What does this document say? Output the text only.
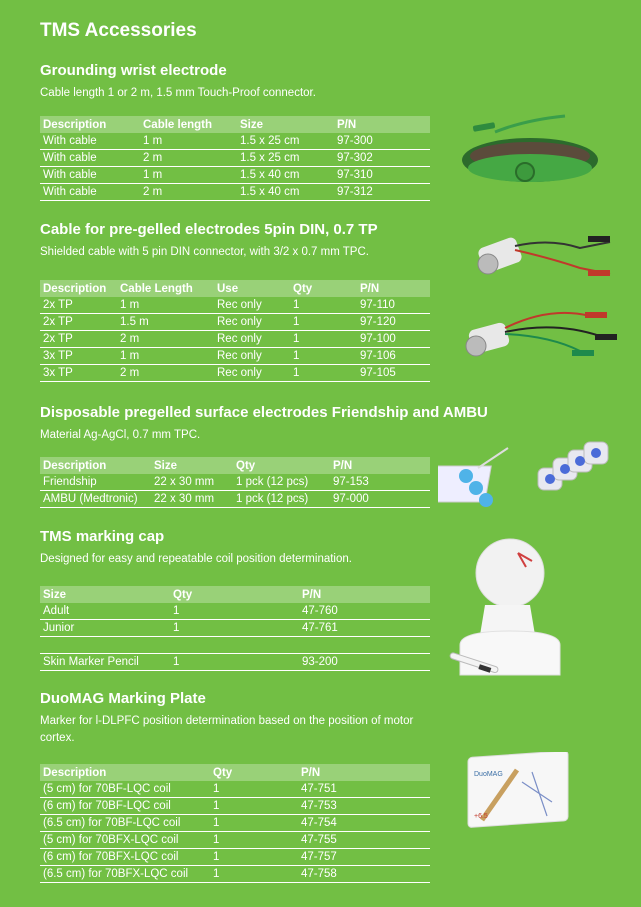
TMS Accessories
Grounding wrist electrode

Cable length 1 or 2 m, 1.5 mm Touch-Proof connector.

Description	Cable length	Size	P/N
With cable	1 m	1.5 x 25 cm	97-300
With cable	2 m	1.5 x 25 cm	97-302
With cable	1 m	1.5 x 40 cm	97-310
With cable	2 m	1.5 x 40 cm	97-312
Cable for pre-gelled electrodes 5pin DIN, 0.7 TP

Shielded cable with 5 pin DIN connector, with 3/2 x 0.7 mm TPC.

Description	Cable Length	Use	Qty	P/N
2x TP	1 m	Rec only	1	97-110
2x TP	1.5 m	Rec only	1	97-120
2x TP	2 m	Rec only	1	97-100
3x TP	1 m	Rec only	1	97-106
3x TP	2 m	Rec only	1	97-105
Disposable pregelled surface electrodes Friendship and AMBU

Material Ag-AgCl, 0.7 mm TPC.

Description	Size	Qty	P/N
Friendship	22 x 30 mm	1 pck (12 pcs)	97-153
AMBU (Medtronic)	22 x 30 mm	1 pck (12 pcs)	97-000
TMS marking cap

Designed for easy and repeatable coil position determination.

Size	Qty	P/N
Adult	1	47-760
Junior	1	47-761

Skin Marker Pencil	1	93-200
DuoMAG Marking Plate

Marker for l-DLPFC position determination based on the position of motor cortex.

Description	Qty	P/N
(5 cm) for 70BF-LQC coil	1	47-751
(6 cm) for 70BF-LQC coil	1	47-753
(6.5 cm) for 70BF-LQC coil	1	47-754
(5 cm) for 70BFX-LQC coil	1	47-755
(6 cm) for 70BFX-LQC coil	1	47-757
(6.5 cm) for 70BFX-LQC coil	1	47-758
DuoMAG
+6.5
